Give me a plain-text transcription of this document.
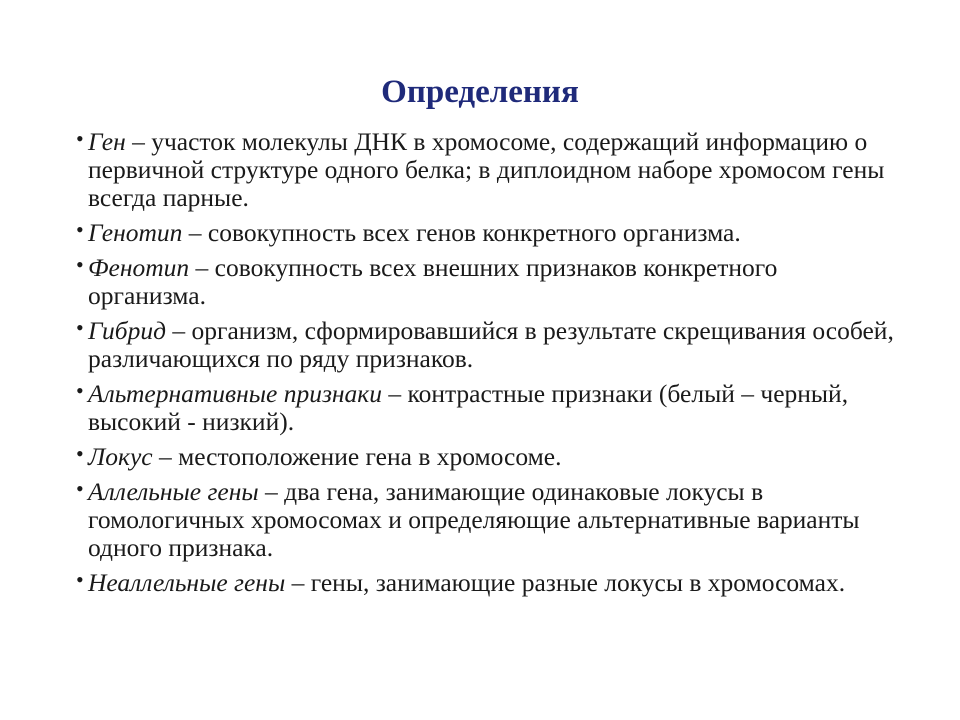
Определения
• Ген – участок молекулы ДНК в хромосоме, содержащий информацию о первичной структуре одного белка; в диплоидном наборе хромосом гены всегда парные.
• Генотип – совокупность всех генов конкретного организма.
• Фенотип – совокупность всех внешних признаков конкретного организма.
• Гибрид – организм, сформировавшийся в результате скрещивания особей, различающихся по ряду признаков.
• Альтернативные признаки – контрастные признаки (белый – черный, высокий - низкий).
• Локус – местоположение гена в хромосоме.
• Аллельные гены – два гена, занимающие одинаковые локусы в гомологичных хромосомах и определяющие альтернативные варианты одного признака.
• Неаллельные гены – гены, занимающие разные локусы в хромосомах.
